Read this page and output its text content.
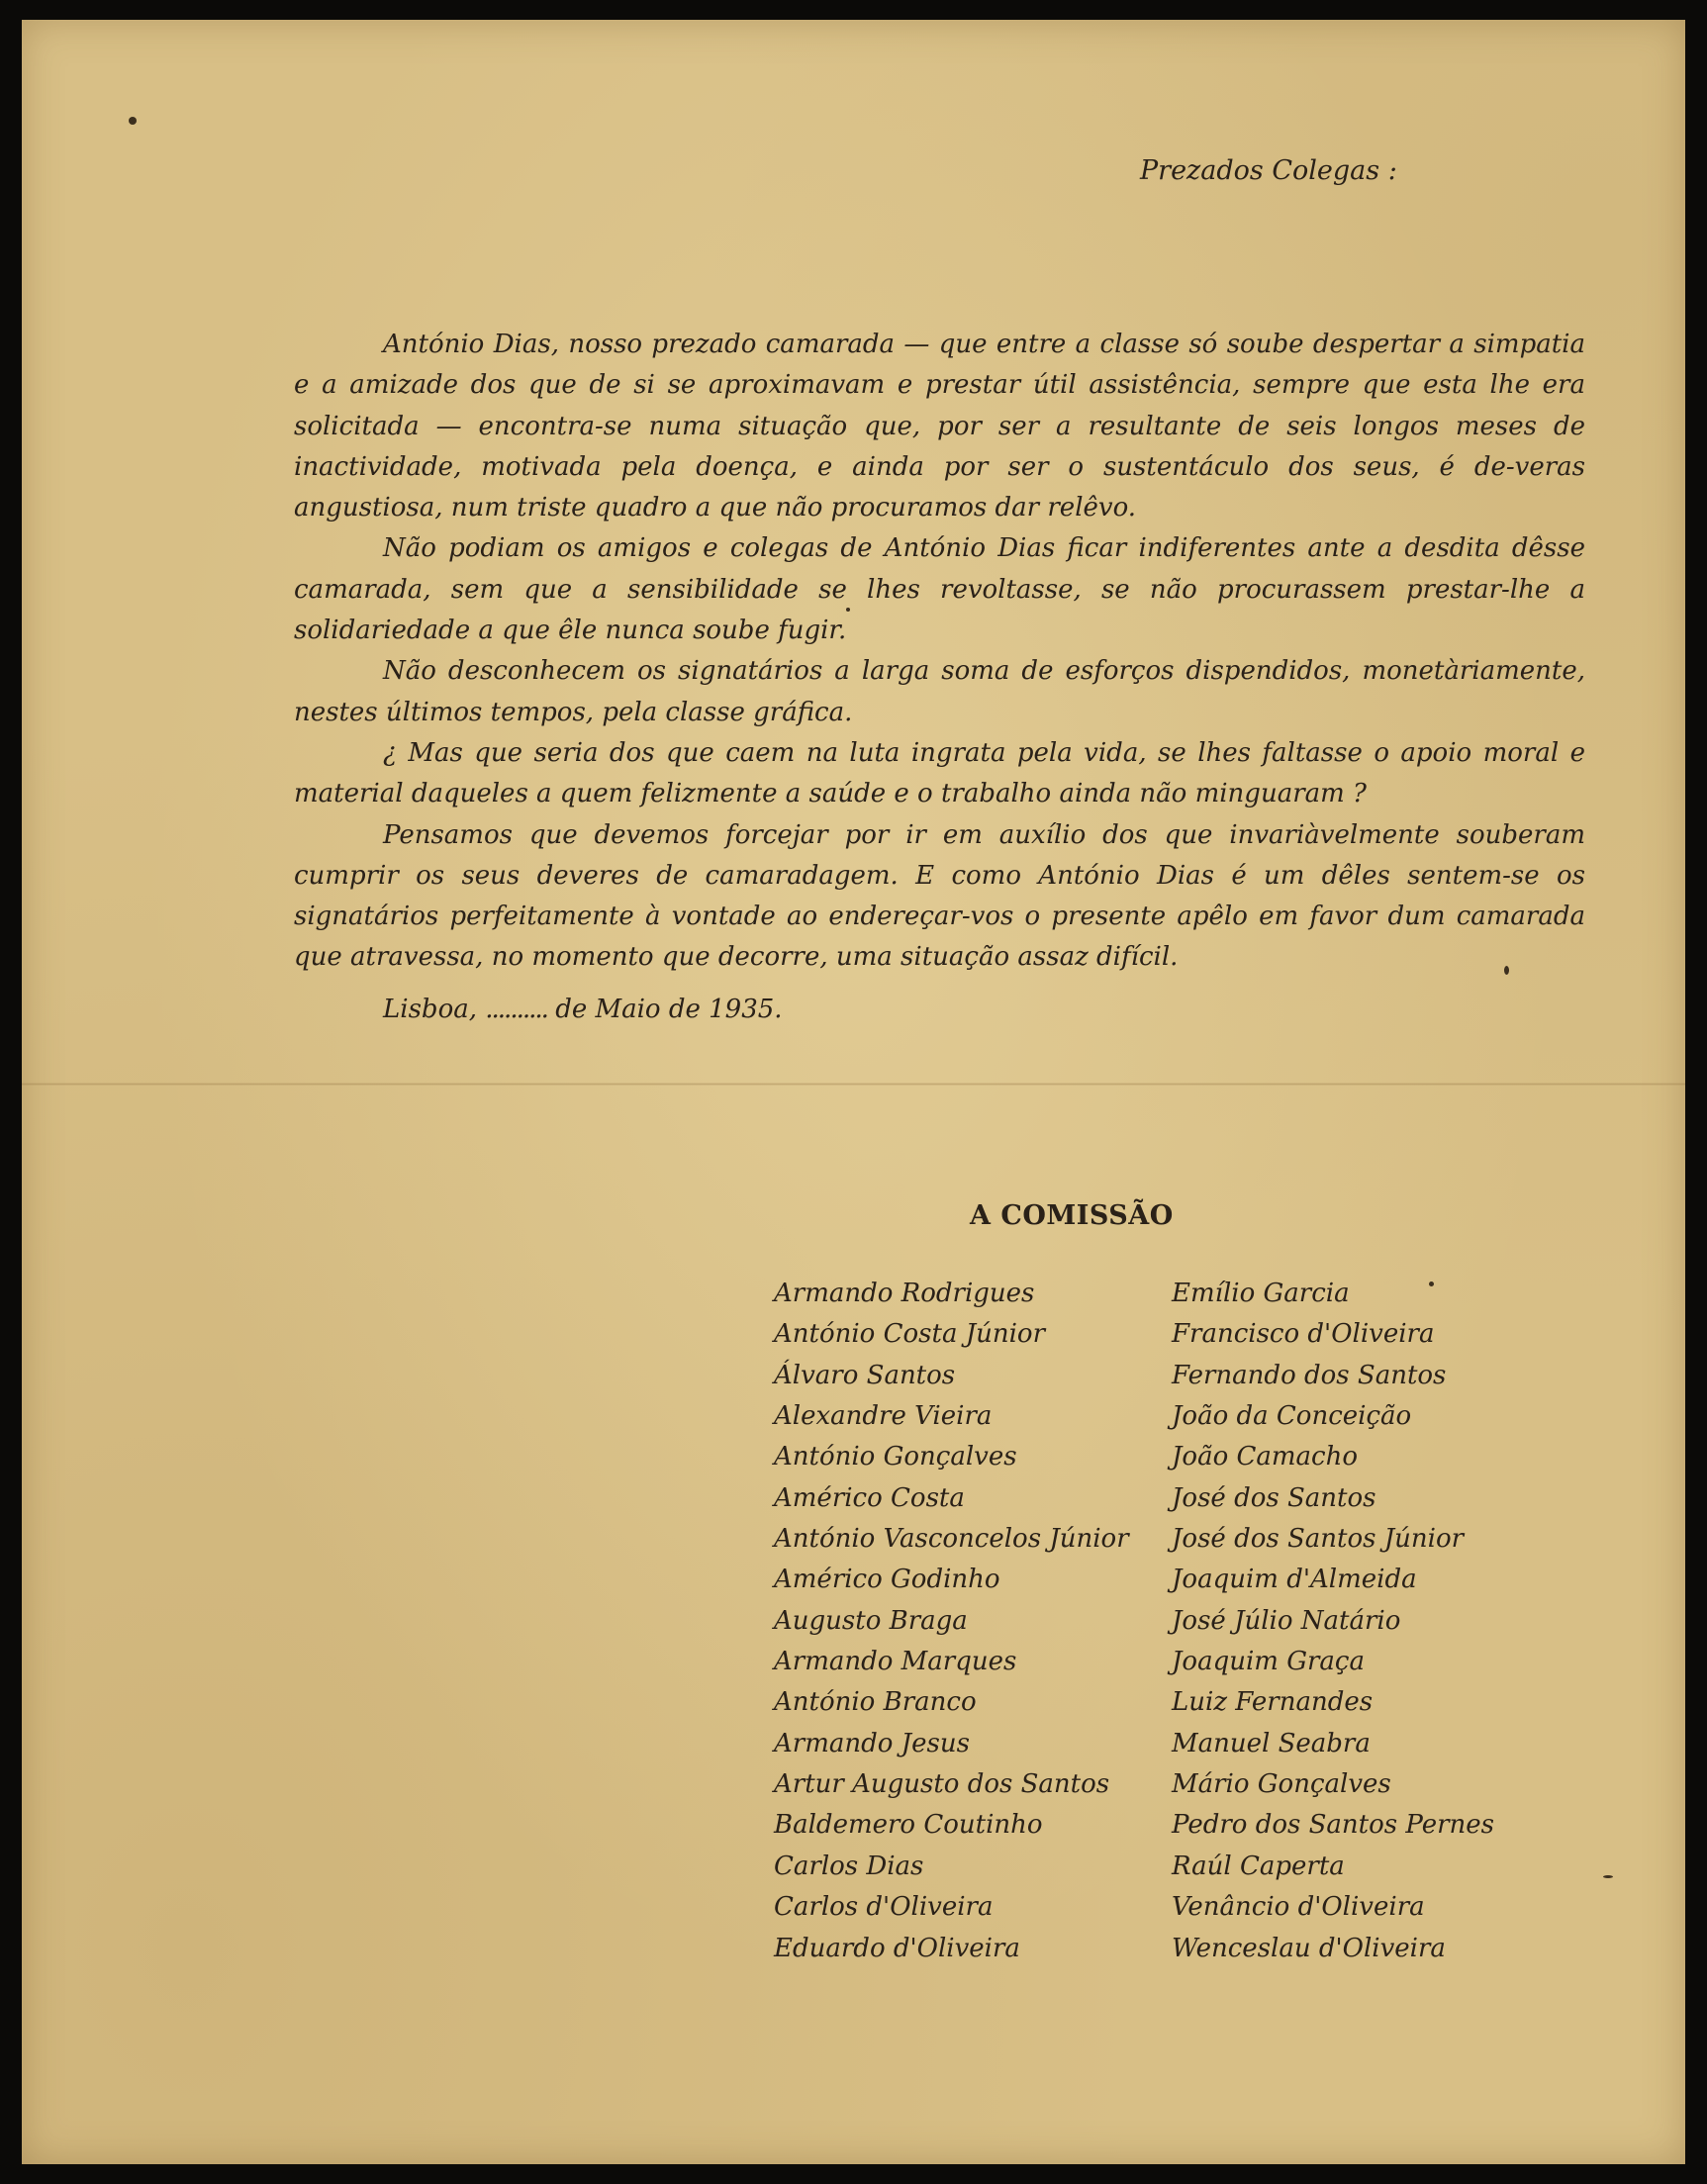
Prezados Colegas :

António Dias, nosso prezado camarada — que entre a classe só soube despertar a simpatia e a amizade dos que de si se aproximavam e prestar útil assistência, sempre que esta lhe era solicitada — encontra-se numa situação que, por ser a resultante de seis longos meses de inactividade, motivada pela doença, e ainda por ser o sustentáculo dos seus, é de-veras angustiosa, num triste quadro a que não procuramos dar relêvo.

Não podiam os amigos e colegas de António Dias ficar indiferentes ante a desdita dêsse camarada, sem que a sensibilidade se lhes revoltasse, se não procurassem prestar-lhe a solidariedade a que êle nunca soube fugir.

Não desconhecem os signatários a larga soma de esforços dispendidos, monetàriamente, nestes últimos tempos, pela classe gráfica.

¿ Mas que seria dos que caem na luta ingrata pela vida, se lhes faltasse o apoio moral e material daqueles a quem felizmente a saúde e o trabalho ainda não minguaram ?

Pensamos que devemos forcejar por ir em auxílio dos que invariàvelmente souberam cumprir os seus deveres de camaradagem. E como António Dias é um dêles sentem-se os signatários perfeitamente à vontade ao endereçar-vos o presente apêlo em favor dum camarada que atravessa, no momento que decorre, uma situação assaz difícil.

Lisboa, .......... de Maio de 1935.

A COMISSÃO
Armando Rodrigues
António Costa Júnior
Álvaro Santos
Alexandre Vieira
António Gonçalves
Américo Costa
António Vasconcelos Júnior
Américo Godinho
Augusto Braga
Armando Marques
António Branco
Armando Jesus
Artur Augusto dos Santos
Baldemero Coutinho
Carlos Dias
Carlos d'Oliveira
Eduardo d'Oliveira
Emílio Garcia
Francisco d'Oliveira
Fernando dos Santos
João da Conceição
João Camacho
José dos Santos
José dos Santos Júnior
Joaquim d'Almeida
José Júlio Natário
Joaquim Graça
Luiz Fernandes
Manuel Seabra
Mário Gonçalves
Pedro dos Santos Pernes
Raúl Caperta
Venâncio d'Oliveira
Wenceslau d'Oliveira
